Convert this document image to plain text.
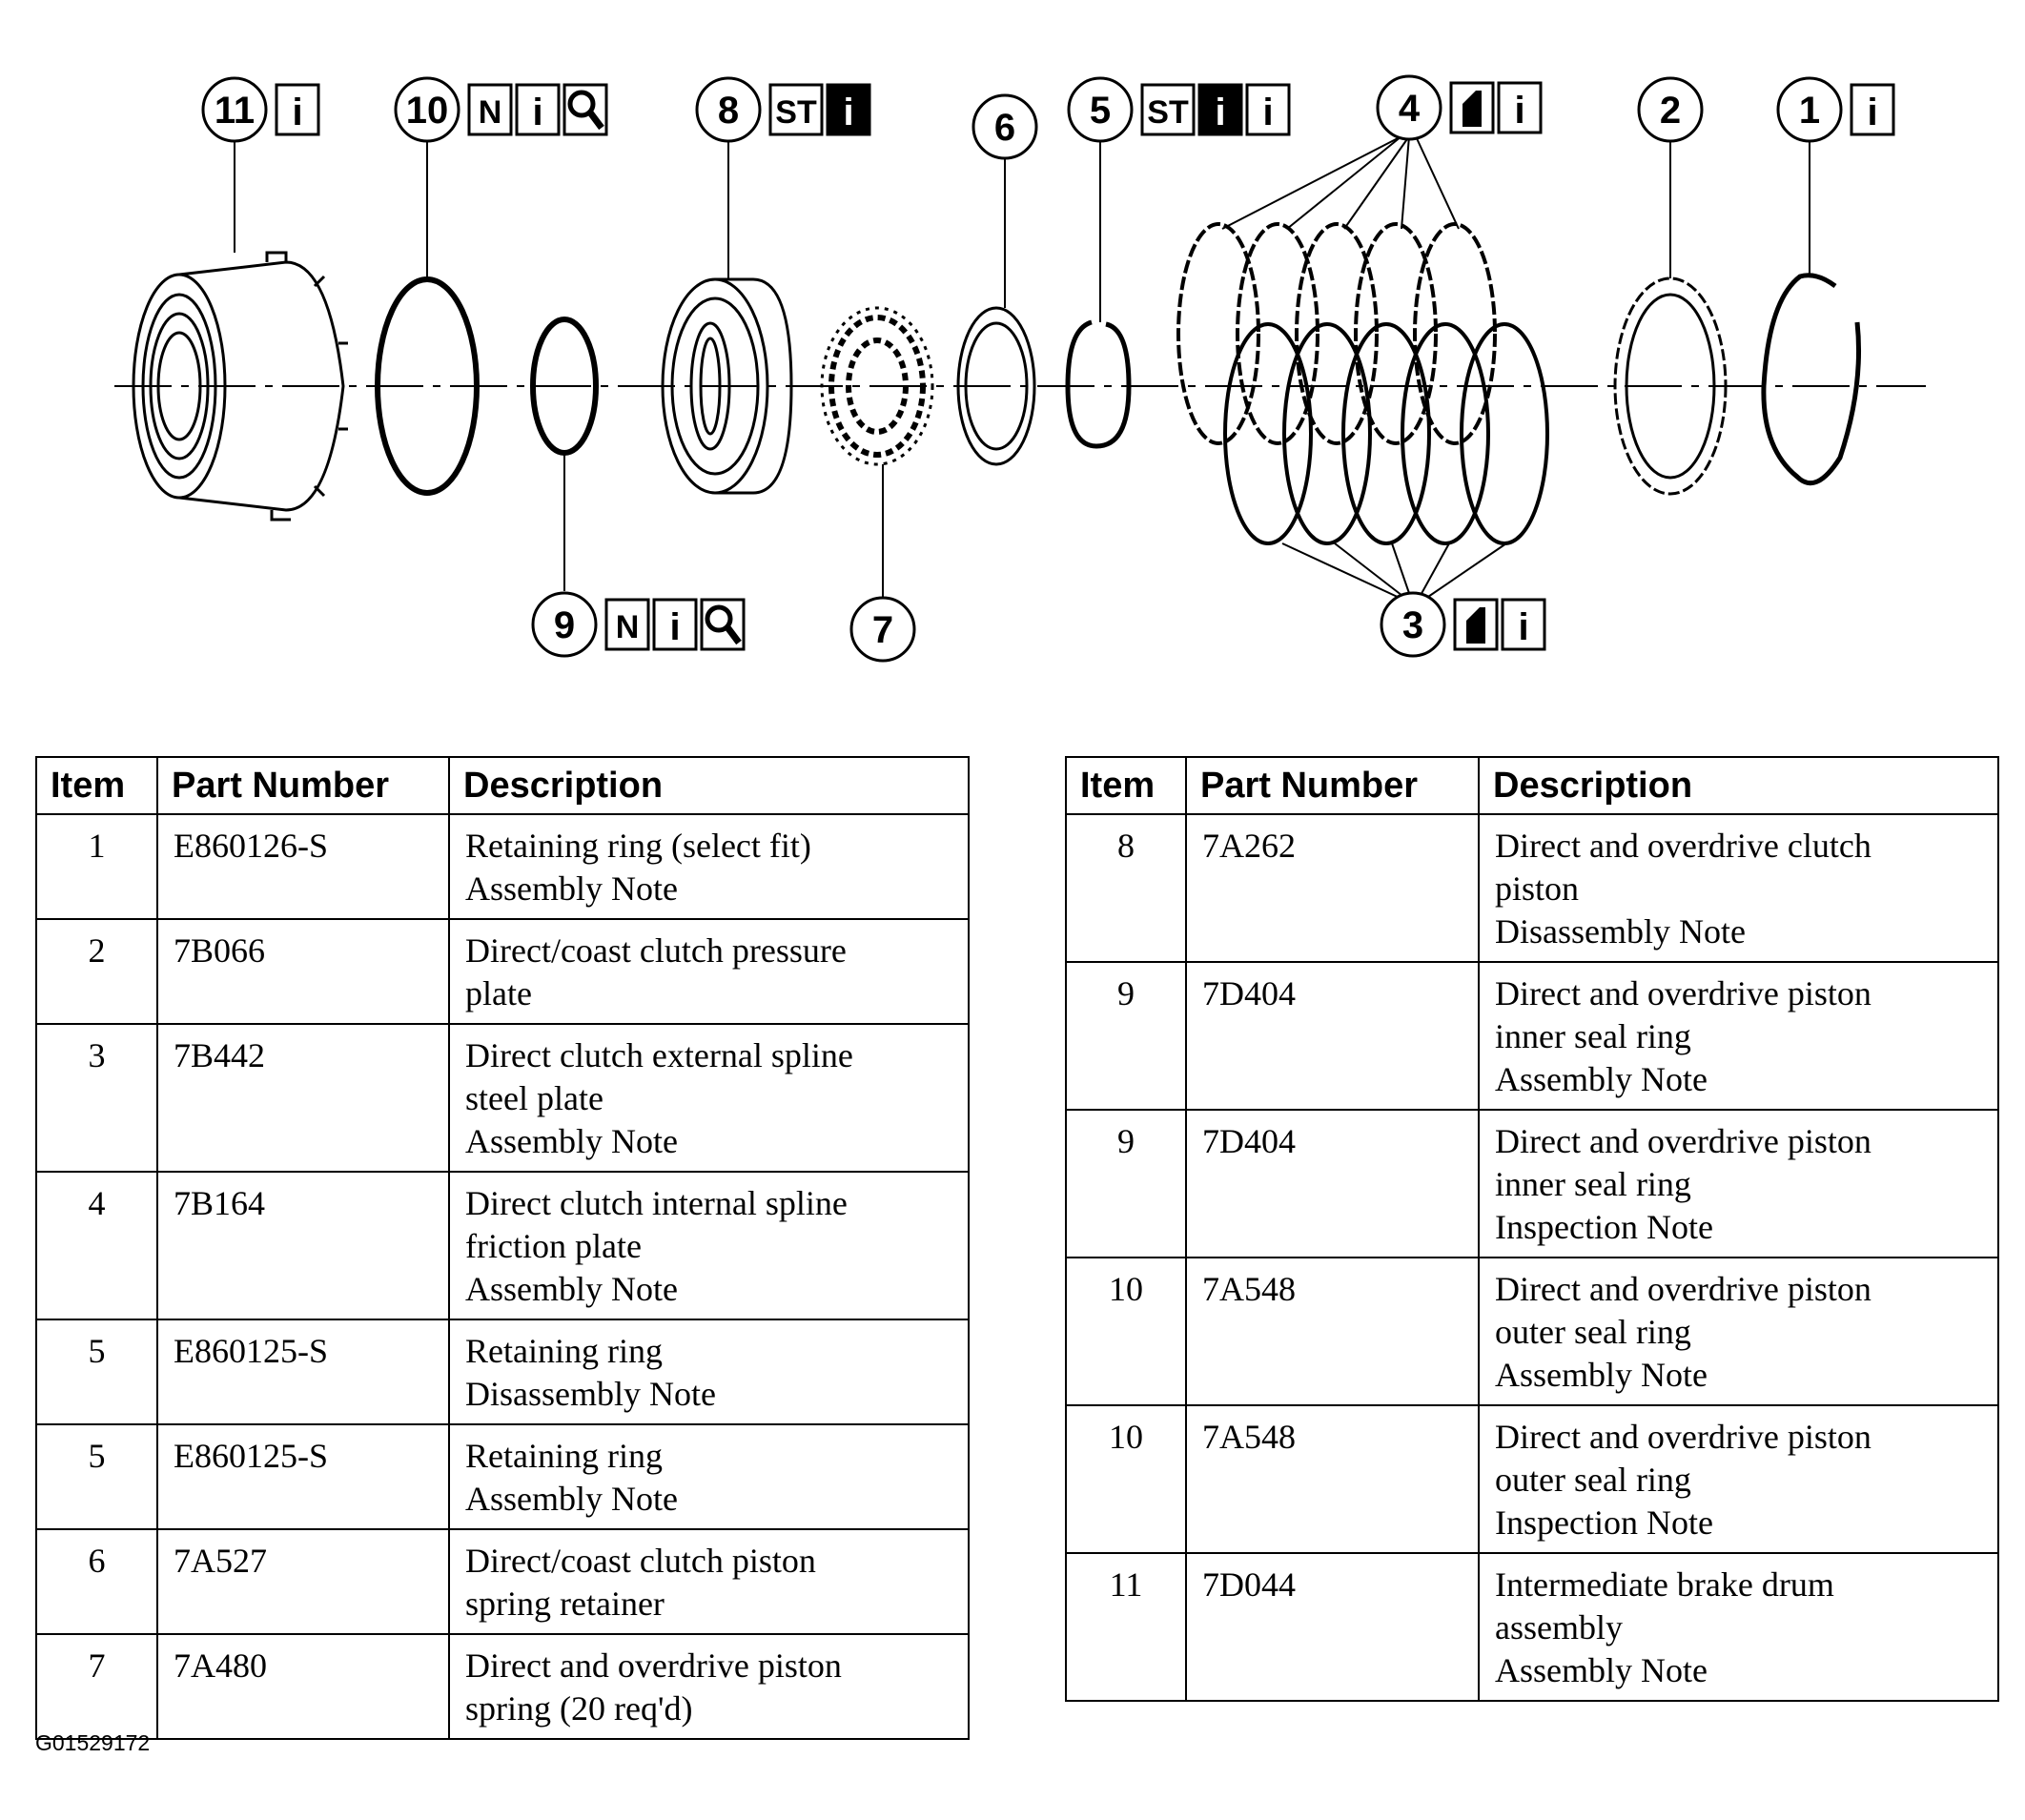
11 i	10 N i
9 N i
8 ST i
7
6 5 ST i i	4 i
3 i
2	1 i
Item	Part Number	Description
1	E860126-S	Retaining ring (select fit)
Assembly Note

2	7B066	Direct/coast clutch pressure
plate

3	7B442	Direct clutch external spline
steel plate
Assembly Note

4	7B164	Direct clutch internal spline
friction plate
Assembly Note

5	E860125-S	Retaining ring
Disassembly Note

5	E860125-S	Retaining ring
Assembly Note

6	7A527	Direct/coast clutch piston
spring retainer

7	7A480	Direct and overdrive piston
spring (20 req'd)
Item	Part Number	Description
8	7A262	Direct and overdrive clutch
piston
Disassembly Note

9	7D404	Direct and overdrive piston
inner seal ring
Assembly Note

9	7D404	Direct and overdrive piston
inner seal ring
Inspection Note

10	7A548	Direct and overdrive piston
outer seal ring
Assembly Note

10	7A548	Direct and overdrive piston
outer seal ring
Inspection Note

11	7D044	Intermediate brake drum
assembly
Assembly Note
G01529172
